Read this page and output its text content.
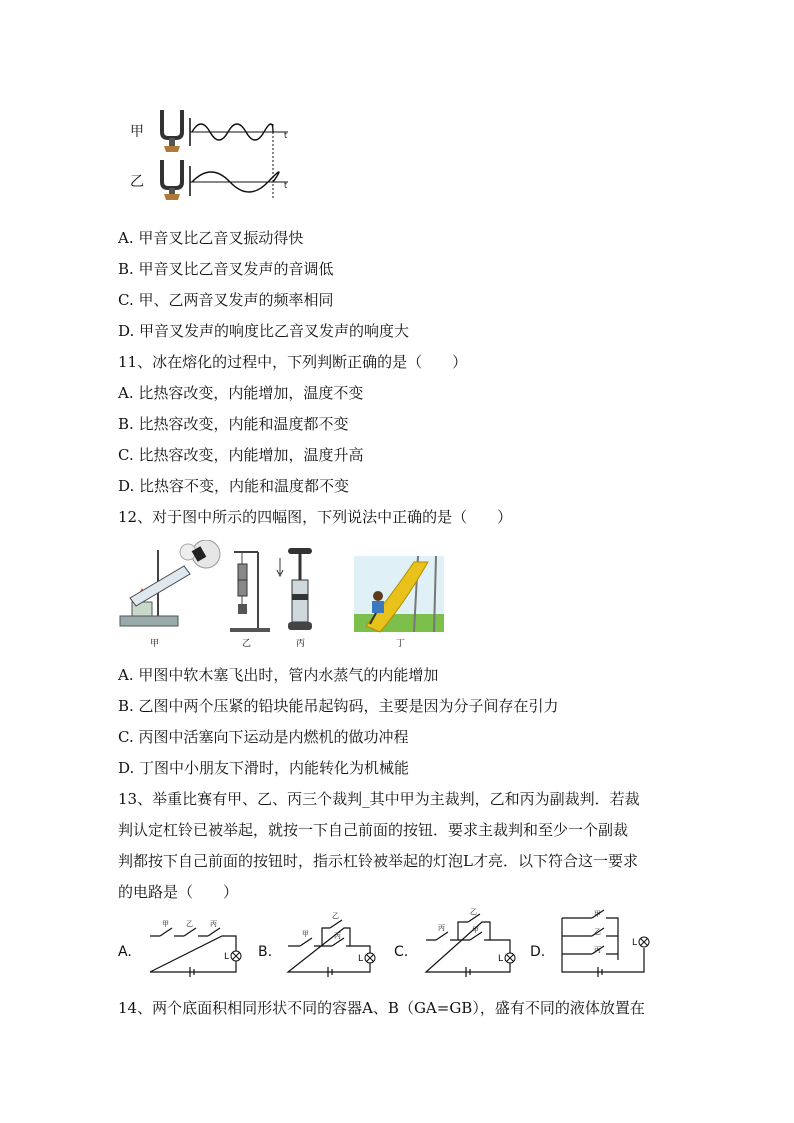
甲
乙
t
t
A. 甲音叉比乙音叉振动得快
B. 甲音叉比乙音叉发声的音调低
C. 甲、乙两音叉发声的频率相同
D. 甲音叉发声的响度比乙音叉发声的响度大
11、冰在熔化的过程中，下列判断正确的是（　　）
A. 比热容改变，内能增加，温度不变
B. 比热容改变，内能和温度都不变
C. 比热容改变，内能增加，温度升高
D. 比热容不变，内能和温度都不变
12、对于图中所示的四幅图，下列说法中正确的是（　　）
甲	乙	丙	丁
A. 甲图中软木塞飞出时，管内水蒸气的内能增加
B. 乙图中两个压紧的铅块能吊起钩码，主要是因为分子间存在引力
C. 丙图中活塞向下运动是内燃机的做功冲程
D. 丁图中小朋友下滑时，内能转化为机械能
13、举重比赛有甲、乙、丙三个裁判_其中甲为主裁判，乙和丙为副裁判．若裁
判认定杠铃已被举起，就按一下自己前面的按钮．要求主裁判和至少一个副裁
判都按下自己前面的按钮时，指示杠铃被举起的灯泡L才亮．以下符合这一要求
的电路是（　　）
A.	B.	C.	D.
甲 乙 丙
甲
乙
丙
丙
乙
甲
甲
乙
丙
L	L	L
L
14、两个底面积相同形状不同的容器A、B（GA=GB），盛有不同的液体放置在
